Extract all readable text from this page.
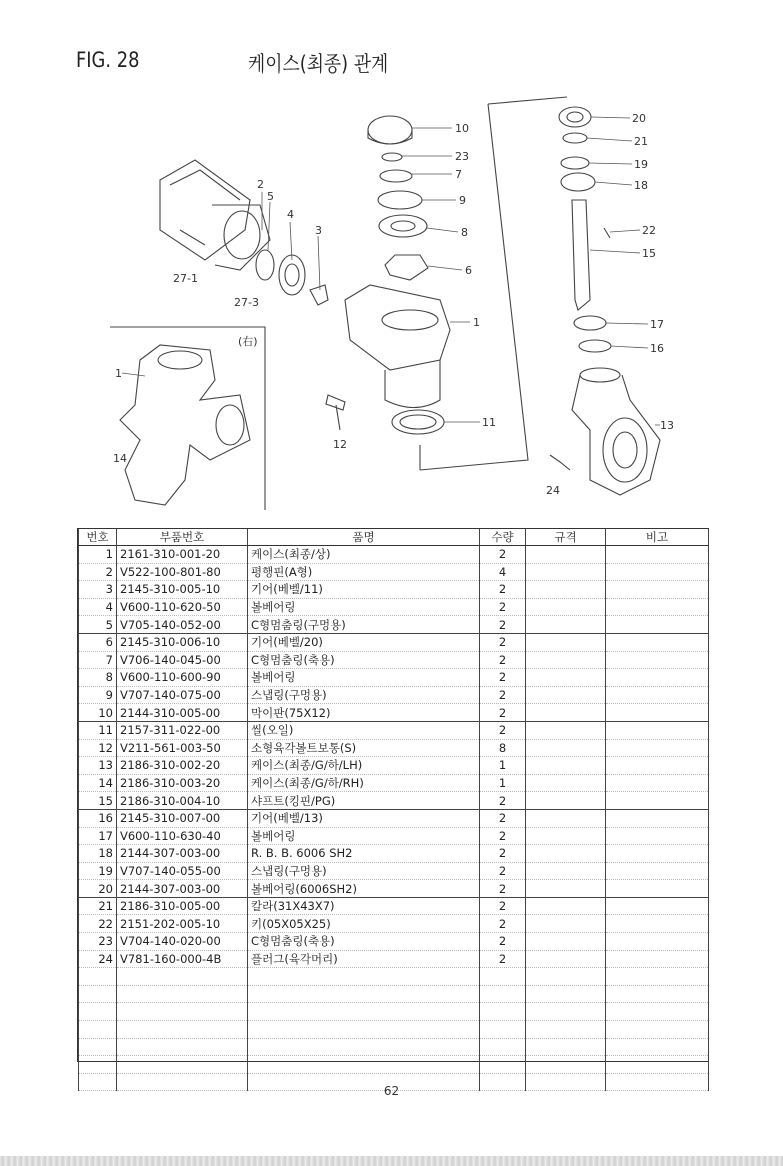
FIG. 28	케이스(최종) 관계
10
23
7
9
8
6
1
11
12
2
5
4
3
27-1
27-3
20
21
19
18
22
15
17
16
13
24
(右)
1
14
번호	부품번호	품명	수량	규격	비고
1	2161-310-001-20	케이스(최종/상)	2		
2	V522-100-801-80	평행핀(A형)	4		
3	2145-310-005-10	기어(베벨/11)	2		
4	V600-110-620-50	볼베어링	2		
5	V705-140-052-00	C형멈춤링(구멍용)	2		
6	2145-310-006-10	기어(베벨/20)	2		
7	V706-140-045-00	C형멈춤링(축용)	2		
8	V600-110-600-90	볼베어링	2		
9	V707-140-075-00	스냅링(구멍용)	2		
10	2144-310-005-00	막이판(75X12)	2		
11	2157-311-022-00	씰(오일)	2		
12	V211-561-003-50	소형육각볼트보통(S)	8		
13	2186-310-002-20	케이스(최종/G/하/LH)	1		
14	2186-310-003-20	케이스(최종/G/하/RH)	1		
15	2186-310-004-10	샤프트(킹핀/PG)	2		
16	2145-310-007-00	기어(베벨/13)	2		
17	V600-110-630-40	볼베어링	2		
18	2144-307-003-00	R. B. B. 6006 SH2	2		
19	V707-140-055-00	스냅링(구멍용)	2		
20	2144-307-003-00	볼베어링(6006SH2)	2		
21	2186-310-005-00	칼라(31X43X7)	2		
22	2151-202-005-10	키(05X05X25)	2		
23	V704-140-020-00	C형멈춤링(축용)	2		
24	V781-160-000-4B	플러그(육각머리)	2		

62
